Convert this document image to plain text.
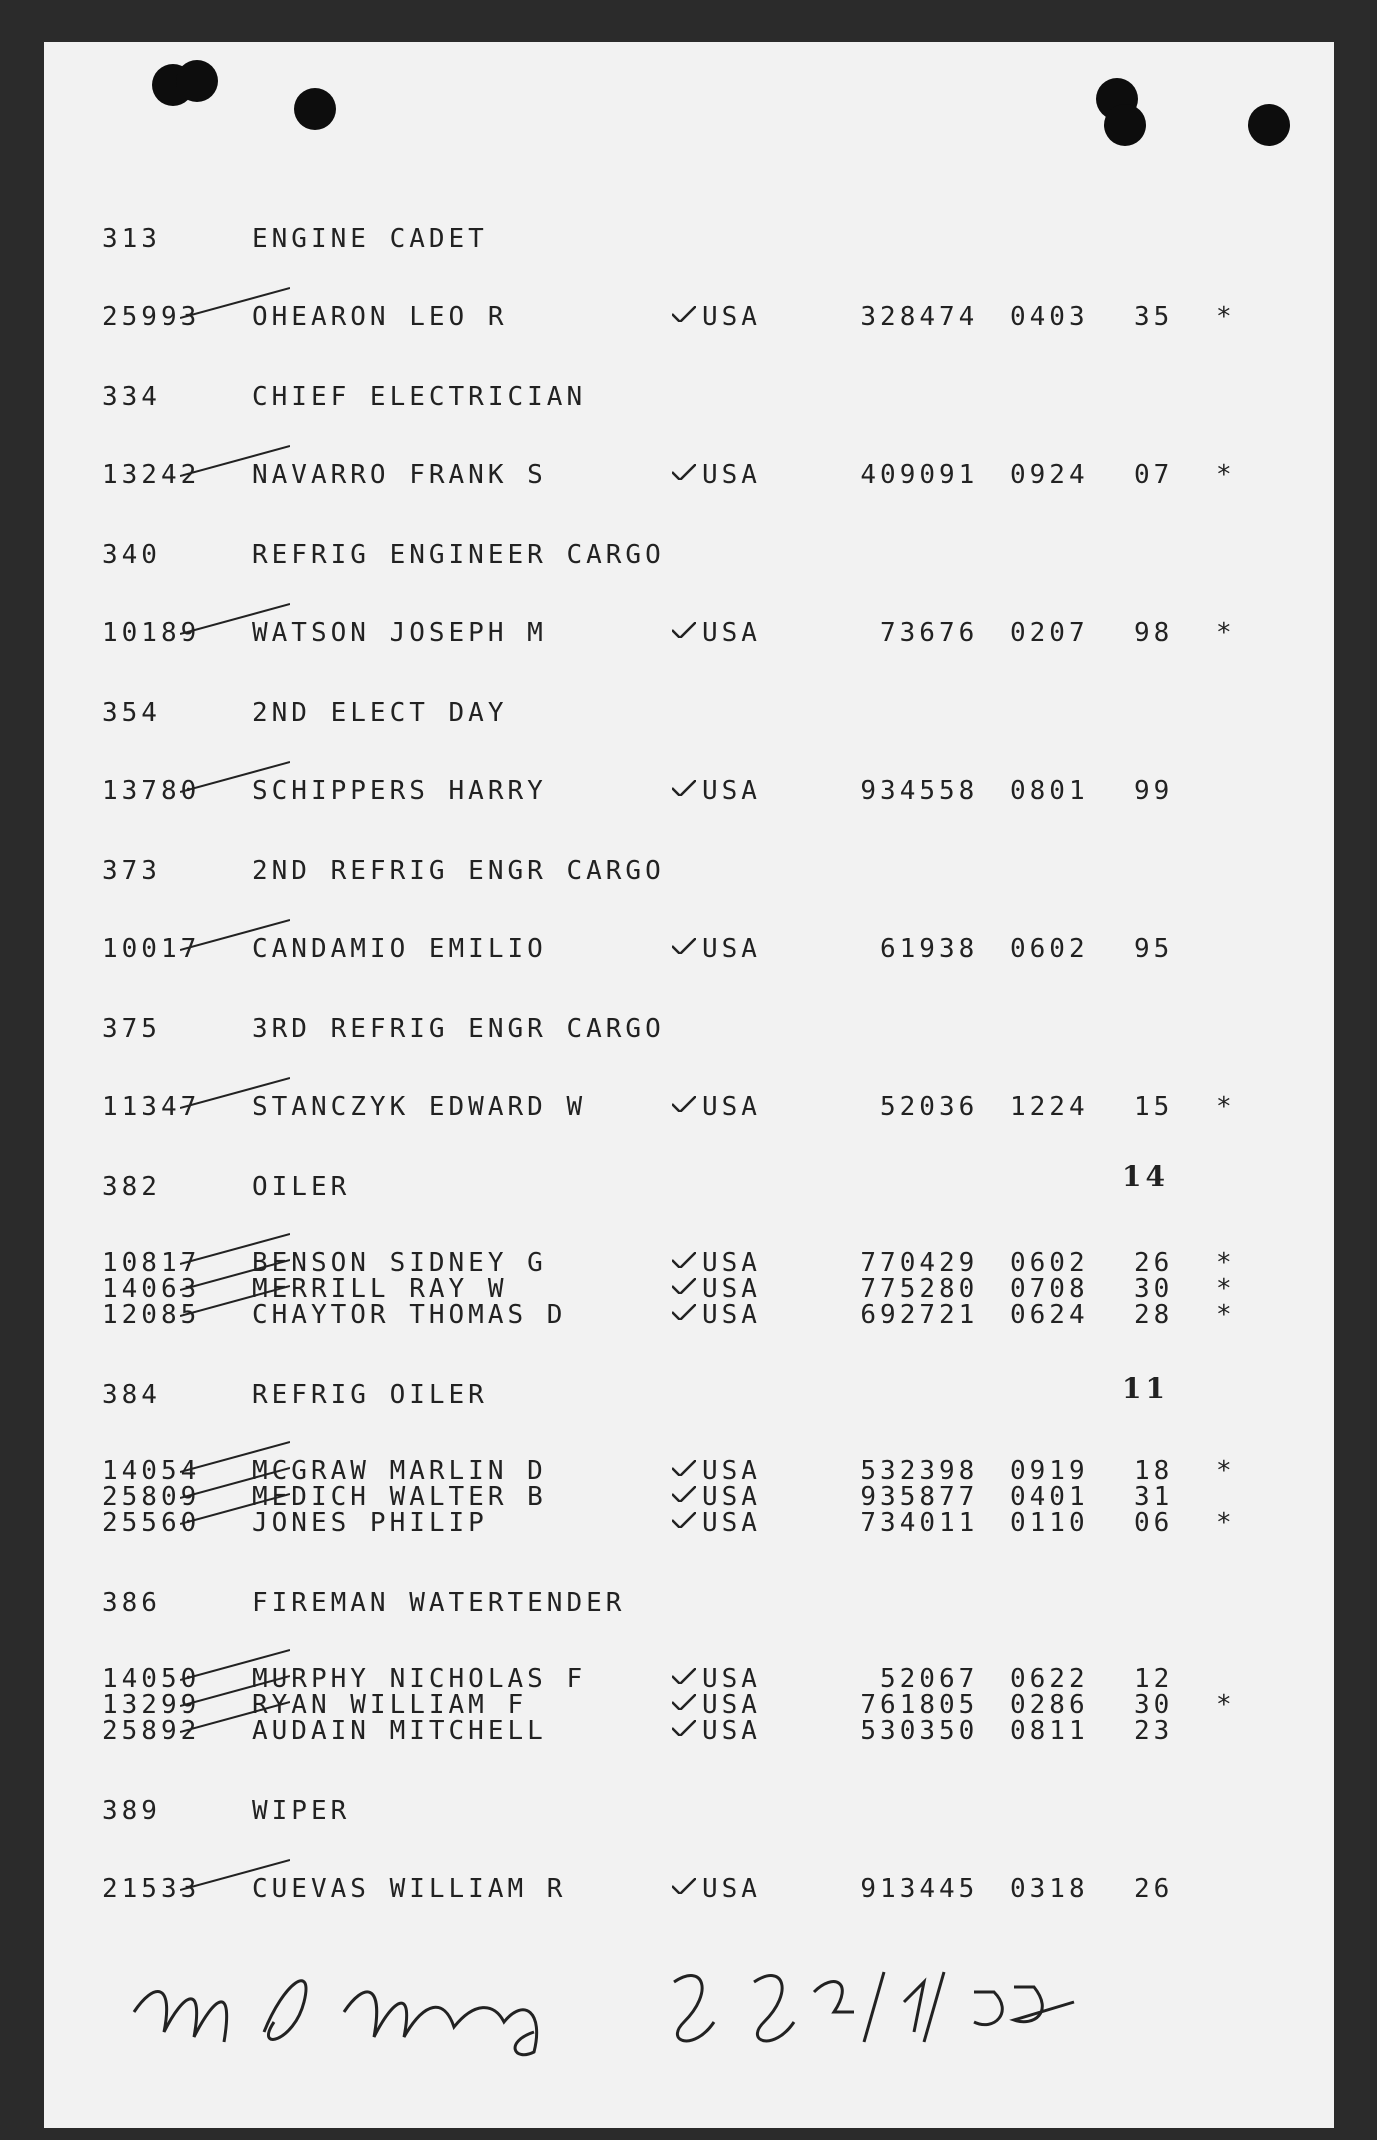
313	ENGINE CADET
25993 OHEARON LEO R	USA	328474 0403 35 *
334	CHIEF ELECTRICIAN
13242 NAVARRO FRANK S	USA	409091 0924 07 *
340	REFRIG ENGINEER CARGO
10189 WATSON JOSEPH M	USA	73676 0207 98 *
354	2ND ELECT DAY
13780 SCHIPPERS HARRY	USA	934558 0801 99
373	2ND REFRIG ENGR CARGO
10017 CANDAMIO EMILIO	USA	61938 0602 95
375	3RD REFRIG ENGR CARGO
11347 STANCZYK EDWARD W	USA	52036 1224 15 *
382	OILER	14
10817 BENSON SIDNEY G	USA	770429 0602 26 *
14063 MERRILL RAY W	USA	775280 0708 30 *
12085 CHAYTOR THOMAS D	USA	692721 0624 28 *
384	REFRIG OILER	11
14054 MCGRAW MARLIN D	USA	532398 0919 18 *
25809 MEDICH WALTER B	USA	935877 0401 31
25560 JONES PHILIP	USA	734011 0110 06 *
386	FIREMAN WATERTENDER
14050 MURPHY NICHOLAS F	USA	52067 0622 12
13299 RYAN WILLIAM F	USA	761805 0286 30 *
25892 AUDAIN MITCHELL	USA	530350 0811 23
389	WIPER
21533 CUEVAS WILLIAM R	USA	913445 0318 26
